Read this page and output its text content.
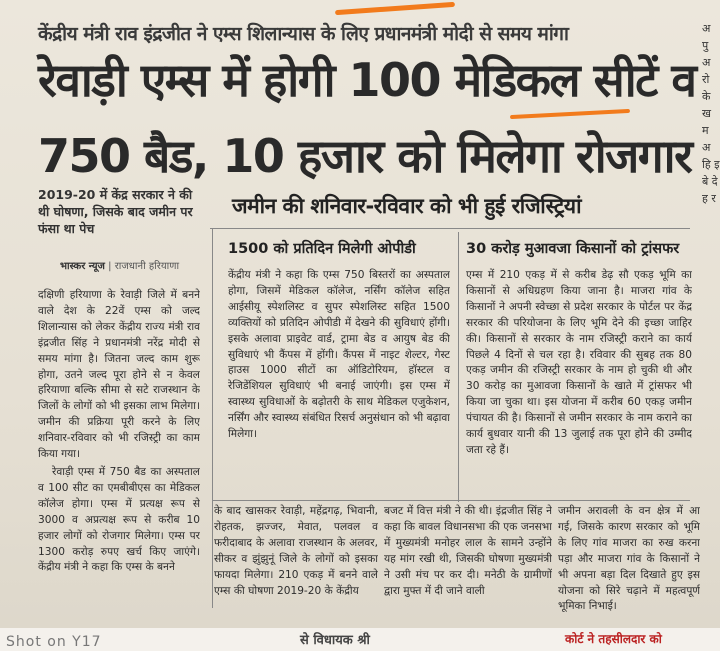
केंद्रीय मंत्री राव इंद्रजीत ने एम्स शिलान्यास के लिए प्रधानमंत्री मोदी से समय मांगा
रेवाड़ी एम्स में होगी 100 मेडिकल सीटें व
750 बैड, 10 हजार को मिलेगा रोजगार
2019-20 में केंद्र सरकार ने की थी घोषणा, जिसके बाद जमीन पर फंसा था पेच
भास्कर न्यूज | राजधानी हरियाणा
जमीन की शनिवार-रविवार को भी हुई रजिस्ट्रियां
1500 को प्रतिदिन मिलेगी ओपीडी	30 करोड़ मुआवजा किसानों को ट्रांसफर

दक्षिणी हरियाणा के रेवाड़ी जिले में बनने वाले देश के 22वें एम्स को जल्द शिलान्यास को लेकर केंद्रीय राज्य मंत्री राव इंद्रजीत सिंह ने प्रधानमंत्री नरेंद्र मोदी से समय मांगा है। जितना जल्द काम शुरू होगा, उतने जल्द पूरा होने से न केवल हरियाणा बल्कि सीमा से सटे राजस्थान के जिलों के लोगों को भी इसका लाभ मिलेगा। जमीन की प्रक्रिया पूरी करने के लिए शनिवार-रविवार को भी रजिस्ट्री का काम किया गया।

रेवाड़ी एम्स में 750 बैड का अस्पताल व 100 सीट का एमबीबीएस का मेडिकल कॉलेज होगा। एम्स में प्रत्यक्ष रूप से 3000 व अप्रत्यक्ष रूप से करीब 10 हजार लोगों को रोजगार मिलेगा। एम्स पर 1300 करोड़ रुपए खर्च किए जाएंगे। केंद्रीय मंत्री ने कहा कि एम्स के बनने

केंद्रीय मंत्री ने कहा कि एम्स 750 बिस्तरों का अस्पताल होगा, जिसमें मेडिकल कॉलेज, नर्सिंग कॉलेज सहित आईसीयू स्पेशलिस्ट व सुपर स्पेशलिस्ट सहित 1500 व्यक्तियों को प्रतिदिन ओपीडी में देखने की सुविधाएं होंगी। इसके अलावा प्राइवेट वार्ड, ट्रामा बेड व आयुष बेड की सुविधाएं भी कैंपस में होंगी। कैंपस में नाइट शेल्टर, गेस्ट हाउस 1000 सीटों का ऑडिटोरियम, हॉस्टल व रेजिडेंशियल सुविधाएं भी बनाई जाएंगी। इस एम्स में स्वास्थ्य सुविधाओं के बढ़ोतरी के साथ मेडिकल एजुकेशन, नर्सिंग और स्वास्थ्य संबंधित रिसर्च अनुसंधान को भी बढ़ावा मिलेगा।

एम्स में 210 एकड़ में से करीब डेढ़ सौ एकड़ भूमि का किसानों से अधिग्रहण किया जाना है। माजरा गांव के किसानों ने अपनी स्वेच्छा से प्रदेश सरकार के पोर्टल पर केंद्र सरकार की परियोजना के लिए भूमि देने की इच्छा जाहिर की। किसानों से सरकार के नाम रजिस्ट्री कराने का कार्य पिछले 4 दिनों से चल रहा है। रविवार की सुबह तक 80 एकड़ जमीन की रजिस्ट्री सरकार के नाम हो चुकी थी और 30 करोड़ का मुआवजा किसानों के खाते में ट्रांसफर भी किया जा चुका था। इस योजना में करीब 60 एकड़ जमीन पंचायत की है। किसानों से जमीन सरकार के नाम कराने का कार्य बुधवार यानी की 13 जुलाई तक पूरा होने की उम्मीद जता रहे हैं।

के बाद खासकर रेवाड़ी, महेंद्रगढ़, भिवानी, रोहतक, झज्जर, मेवात, पलवल व फरीदाबाद के अलावा राजस्थान के अलवर, सीकर व झुंझुनूं जिले के लोगों को इसका फायदा मिलेगा। 210 एकड़ में बनने वाले एम्स की घोषणा 2019-20 के केंद्रीय

बजट में वित्त मंत्री ने की थी। इंद्रजीत सिंह ने कहा कि बावल विधानसभा की एक जनसभा में मुख्यमंत्री मनोहर लाल के सामने उन्होंने यह मांग रखी थी, जिसकी घोषणा मुख्यमंत्री ने उसी मंच पर कर दी। मनेठी के ग्रामीणों द्वारा मुफ्त में दी जाने वाली

जमीन अरावली के वन क्षेत्र में आ गई, जिसके कारण सरकार को भूमि के लिए गांव माजरा का रुख करना पड़ा और माजरा गांव के किसानों ने भी अपना बड़ा दिल दिखाते हुए इस योजना को सिरे चढ़ाने में महत्वपूर्ण भूमिका निभाई।

अ पु अ रो के ख म अ हि इ बे दे ह र
से विधायक श्री	कोर्ट ने तहसीलदार को
Shot on Y17
